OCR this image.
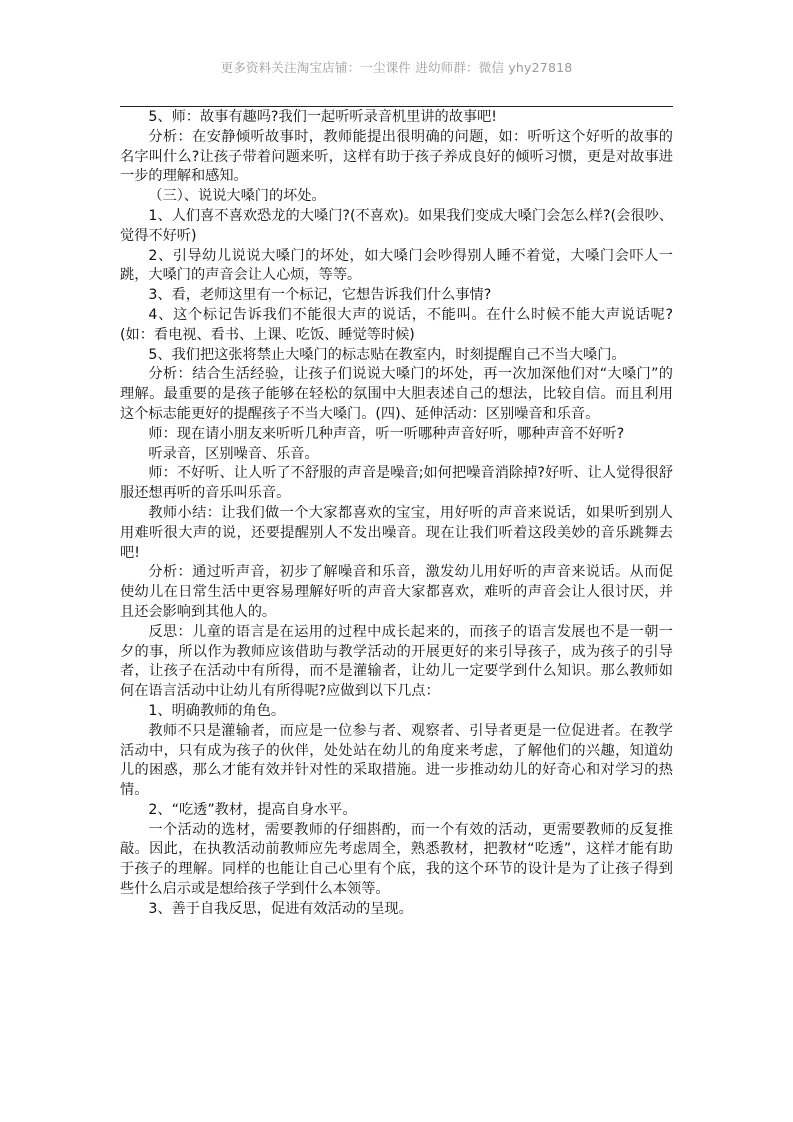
更多资料关注淘宝店铺：一尘课件 进幼师群：微信 yhy27818

5、师：故事有趣吗?我们一起听听录音机里讲的故事吧!

分析：在安静倾听故事时，教师能提出很明确的问题，如：听听这个好听的故事的名字叫什么?让孩子带着问题来听，这样有助于孩子养成良好的倾听习惯，更是对故事进一步的理解和感知。

（三）、说说大嗓门的坏处。

1、人们喜不喜欢恐龙的大嗓门?(不喜欢)。如果我们变成大嗓门会怎么样?(会很吵、觉得不好听)

2、引导幼儿说说大嗓门的坏处，如大嗓门会吵得别人睡不着觉，大嗓门会吓人一跳，大嗓门的声音会让人心烦，等等。

3、看，老师这里有一个标记，它想告诉我们什么事情?

4、这个标记告诉我们不能很大声的说话，不能叫。在什么时候不能大声说话呢?(如：看电视、看书、上课、吃饭、睡觉等时候)

5、我们把这张将禁止大嗓门的标志贴在教室内，时刻提醒自己不当大嗓门。

分析：结合生活经验，让孩子们说说大嗓门的坏处，再一次加深他们对“大嗓门”的理解。最重要的是孩子能够在轻松的氛围中大胆表述自己的想法，比较自信。而且利用这个标志能更好的提醒孩子不当大嗓门。(四)、延伸活动：区别噪音和乐音。

师：现在请小朋友来听听几种声音，听一听哪种声音好听，哪种声音不好听?

听录音，区别噪音、乐音。

师：不好听、让人听了不舒服的声音是噪音;如何把噪音消除掉?好听、让人觉得很舒服还想再听的音乐叫乐音。

教师小结：让我们做一个大家都喜欢的宝宝，用好听的声音来说话，如果听到别人用难听很大声的说，还要提醒别人不发出噪音。现在让我们听着这段美妙的音乐跳舞去吧!

分析：通过听声音，初步了解噪音和乐音，激发幼儿用好听的声音来说话。从而促使幼儿在日常生活中更容易理解好听的声音大家都喜欢，难听的声音会让人很讨厌，并且还会影响到其他人的。

反思：儿童的语言是在运用的过程中成长起来的，而孩子的语言发展也不是一朝一夕的事，所以作为教师应该借助与教学活动的开展更好的来引导孩子，成为孩子的引导者，让孩子在活动中有所得，而不是灌输者，让幼儿一定要学到什么知识。那么教师如何在语言活动中让幼儿有所得呢?应做到以下几点：

1、明确教师的角色。

教师不只是灌输者，而应是一位参与者、观察者、引导者更是一位促进者。在教学活动中，只有成为孩子的伙伴，处处站在幼儿的角度来考虑，了解他们的兴趣，知道幼儿的困惑，那么才能有效并针对性的采取措施。进一步推动幼儿的好奇心和对学习的热情。

2、“吃透”教材，提高自身水平。

一个活动的选材，需要教师的仔细斟酌，而一个有效的活动，更需要教师的反复推敲。因此，在执教活动前教师应先考虑周全，熟悉教材，把教材“吃透”，这样才能有助于孩子的理解。同样的也能让自己心里有个底，我的这个环节的设计是为了让孩子得到些什么启示或是想给孩子学到什么本领等。

3、善于自我反思，促进有效活动的呈现。
